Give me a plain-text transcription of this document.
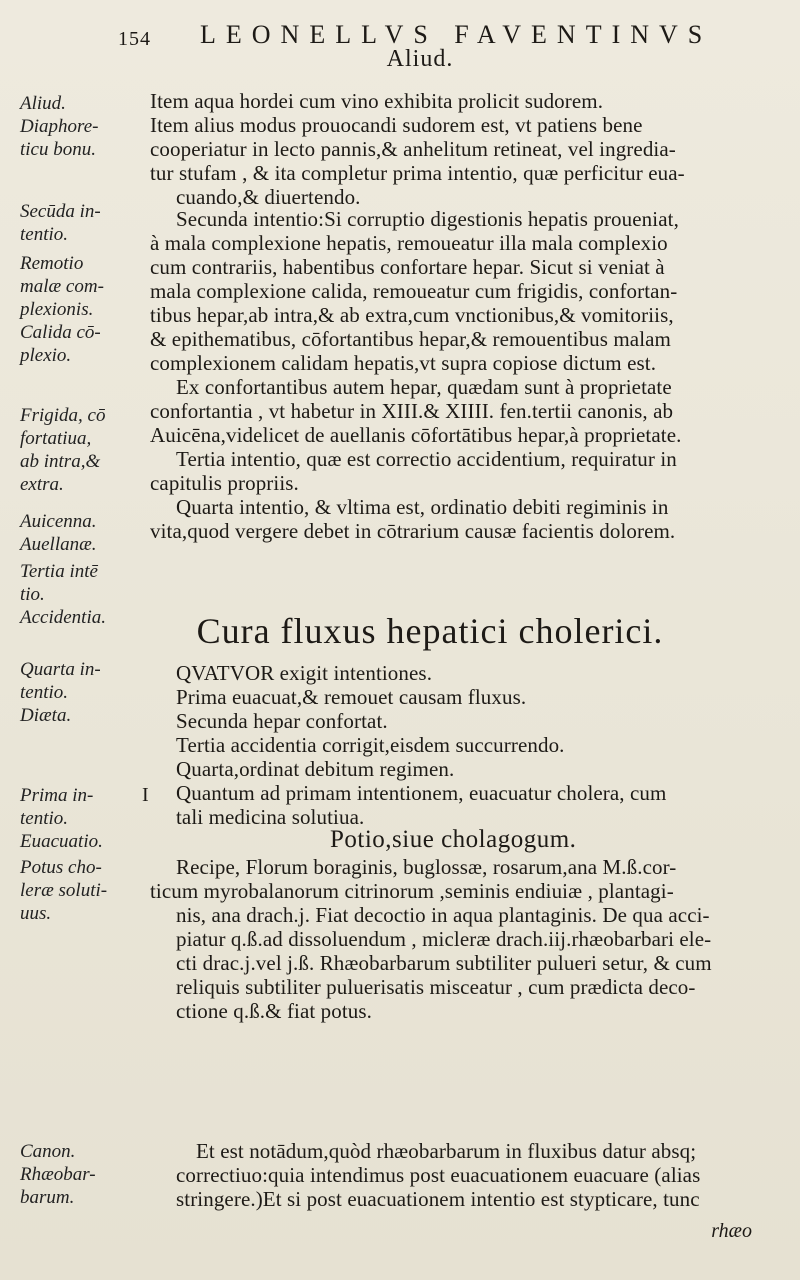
154 LEONELLVS FAVENTINVS
Aliud.
Aliud.
Diaphore-
ticu bonu.
Secūda in-
tentio.
Remotio
malæ com-
plexionis.
Calida cō-
plexio.
Frigida, cō
fortatiua,
ab intra,&
extra.
Auicenna.
Auellanæ.
Tertia intē
tio.
Accidentia.
Quarta in-
tentio.
Diæta.
Prima in-
tentio.
Euacuatio.
Potus cho-
leræ soluti-
uus.
Canon.
Rhæobar-
barum.
Item aqua hordei cum vino exhibita prolicit sudorem.
Item alius modus prouocandi sudorem est, vt patiens bene
cooperiatur in lecto pannis,& anhelitum retineat, vel ingredia-
tur stufam , & ita completur prima intentio, quæ perficitur eua-
cuando,& diuertendo.
Secunda intentio:Si corruptio digestionis hepatis proueniat,
à mala complexione hepatis, remoueatur illa mala complexio
cum contrariis, habentibus confortare hepar. Sicut si veniat à
mala complexione calida, remoueatur cum frigidis, confortan-
tibus hepar,ab intra,& ab extra,cum vnctionibus,& vomitoriis,
& epithematibus, cōfortantibus hepar,& remouentibus malam
complexionem calidam hepatis,vt supra copiose dictum est.
Ex confortantibus autem hepar, quædam sunt à proprietate
confortantia , vt habetur in XIII.& XIIII. fen.tertii canonis, ab
Auicēna,videlicet de auellanis cōfortātibus hepar,à proprietate.
Tertia intentio, quæ est correctio accidentium, requiratur in
capitulis propriis.
Quarta intentio, & vltima est, ordinatio debiti regiminis in
vita,quod vergere debet in cōtrarium causæ facientis dolorem.
Cura fluxus hepatici cholerici.
QVATVOR exigit intentiones.
Prima euacuat,& remouet causam fluxus.
Secunda hepar confortat.
Tertia accidentia corrigit,eisdem succurrendo.
Quarta,ordinat debitum regimen.
I Quantum ad primam intentionem, euacuatur cholera, cum
tali medicina solutiua.
Potio,siue cholagogum.
Recipe, Florum boraginis, buglossæ, rosarum,ana M.ß.cor-
ticum myrobalanorum citrinorum ,seminis endiuiæ , plantagi-
nis, ana drach.j. Fiat decoctio in aqua plantaginis. De qua acci-
piatur q.ß.ad dissoluendum , micleræ drach.iij.rhæobarbari ele-
cti drac.j.vel j.ß. Rhæobarbarum subtiliter pulueri setur, & cum
reliquis subtiliter puluerisatis misceatur , cum prædicta deco-
ctione q.ß.& fiat potus.
Et est notādum,quòd rhæobarbarum in fluxibus datur absq;
correctiuo:quia intendimus post euacuationem euacuare (alias
stringere.)Et si post euacuationem intentio est stypticare, tunc
rhæo
